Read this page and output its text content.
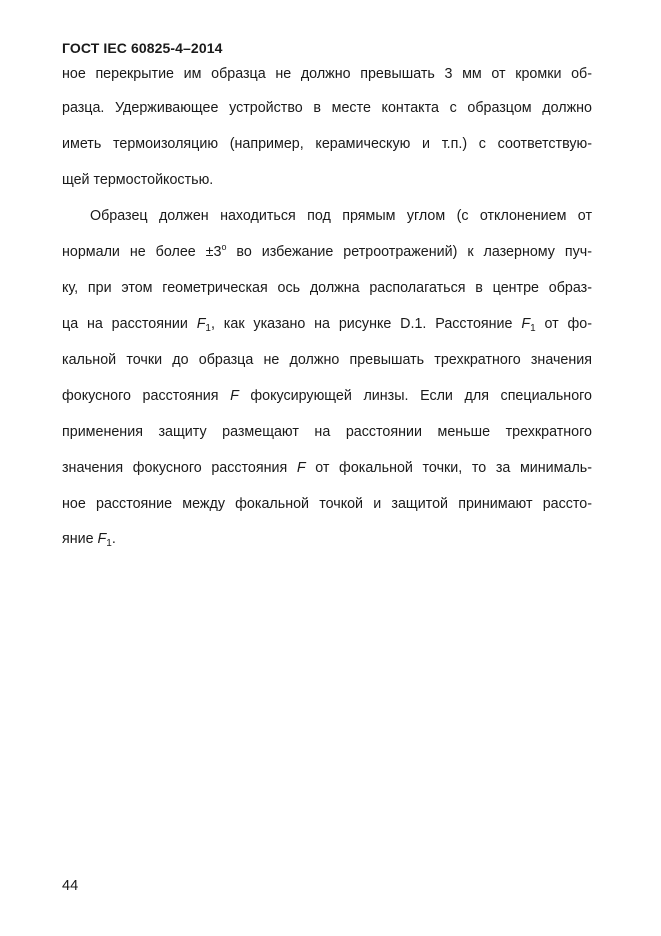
ГОСТ IEC 60825-4–2014
ное перекрытие им образца не должно превышать 3 мм от кромки об-
разца. Удерживающее устройство в месте контакта с образцом должно
иметь термоизоляцию (например, керамическую и т.п.) с соответствую-
щей термостойкостью.
Образец должен находиться под прямым углом (с отклонением от
нормали не более $\pm 3^o$ во избежание ретроотражений) к лазерному пуч-
ку, при этом геометрическая ось должна располагаться в центре образ-
ца на расстоянии $F_1$, как указано на рисунке D.1. Расстояние $F_1$ от фо-
кальной точки до образца не должно превышать трехкратного значения
фокусного расстояния F фокусирующей линзы. Если для специального
применения защиту размещают на расстоянии меньше трехкратного
значения фокусного расстояния F от фокальной точки, то за минималь-
ное расстояние между фокальной точкой и защитой принимают рассто-
яние $F_1$.
44
